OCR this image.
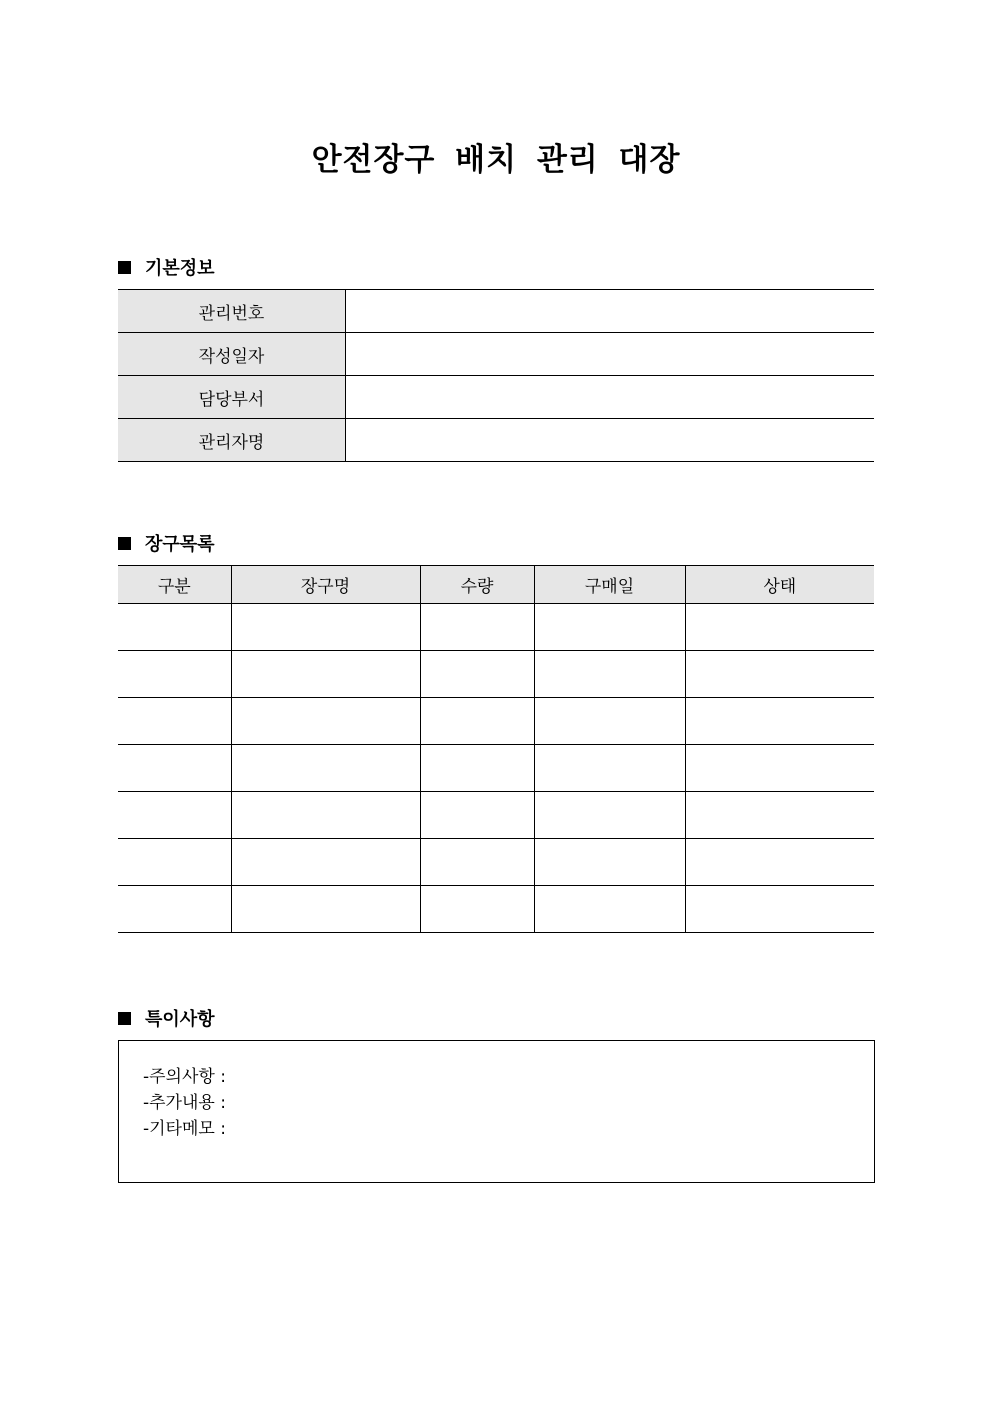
안전장구 배치 관리 대장
기본정보
관리번호	
작성일자	
담당부서	
관리자명	
장구목록
구분	장구명	수량	구매일	상태

특이사항
-주의사항 :
-추가내용 :
-기타메모 :
